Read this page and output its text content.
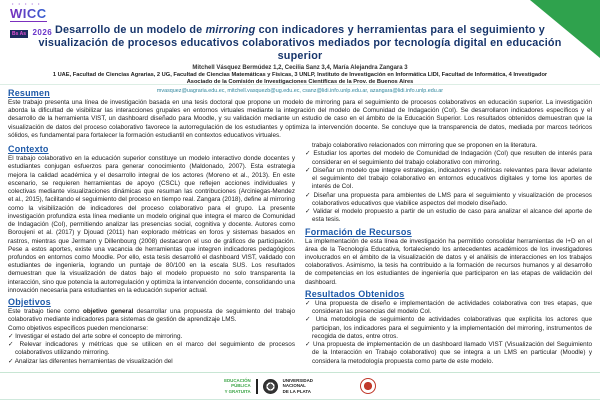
• • • • •
WICC
Bs As 2026 Desarrollo de un modelo de mirroring con indicadores y herramientas para el seguimiento y visualización de procesos educativos colaborativos mediados por tecnología digital en educación superior
Mitchell Vásquez Bermúdez 1,2, Cecilia Sanz 3,4, María Alejandra Zangara 3
1 UAE, Facultad de Ciencias Agrarias, 2 UG, Facultad de Ciencias Matemáticas y Físicas, 3 UNLP, Instituto de Investigación en Informática LIDI, Facultad de Informática, 4 Investigador Asociado de la Comisión de Investigaciones Científicas de la Prov. de Buenos Aires
mvasquez@uagraria.edu.ec, mitchell.vasquezb@ug.edu.ec, csanz@lidi.info.unlp.edu.ar, azangara@lidi.info.unlp.edu.ar
Resumen

Este trabajo presenta una línea de investigación basada en una tesis doctoral que propone un modelo de mirroring para el seguimiento de procesos colaborativos en educación superior. La investigación aborda la dificultad de visibilizar las interacciones grupales en entornos virtuales mediante la integración del modelo de Comunidad de Indagación (CoI). Se desarrollaron indicadores específicos y el desarrollo de la herramienta VIST, un dashboard diseñado para Moodle, y su validación mediante un estudio de caso en el ámbito de la Educación Superior. Los resultados obtenidos demuestran que la visualización de datos del proceso colaborativo favorece la autorregulación de los estudiantes y optimiza la intervención docente. Se concluye que la transparencia de datos, mediada por marcos teóricos sólidos, es fundamental para fortalecer la formación estudiantil en contextos educativos virtuales.

Contexto

El trabajo colaborativo en la educación superior constituye un modelo interactivo donde docentes y estudiantes conjugan esfuerzos para generar conocimiento (Maldonado, 2007). Esta estrategia mejora la calidad académica y el desarrollo integral de los actores (Moreno et al., 2013). En este escenario, se requieren herramientas de apoyo (CSCL) que reflejen acciones individuales y colectivas mediante visualizaciones dinámicas que resuman las contribuciones (Arciniegas-Mendez et al., 2015), facilitando el seguimiento del proceso en tiempo real. Zangara (2018), define al mirroring como la visibilización de indicadores del proceso colaborativo para el grupo. La presente investigación profundiza esta línea mediante un modelo original que integra el marco de Comunidad de Indagación (CoI), permitiendo analizar las presencias social, cognitiva y docente. Autores como Boroujeni et al. (2017) y Djouad (2011) han explorado métricas en foros y sistemas basados en rastros, mientras que Jermann y Dillenbourg (2008) destacaron el uso de gráficos de participación. Pese a estos aportes, existe una vacancia de herramientas que integren indicadores pedagógicos profundos en entornos como Moodle. Por ello, esta tesis desarrolló el dashboard VIST, validado con estudiantes de ingeniería, logrando un puntaje de 80/100 en la escala SUS. Los resultados demuestran que la visualización de datos bajo el modelo propuesto no solo transparenta la interacción, sino que potencia la autorregulación y optimiza la intervención docente, consolidando una innovación necesaria para estudiantes en la educación superior actual.

Objetivos

Este trabajo tiene como objetivo general desarrollar una propuesta de seguimiento del trabajo colaborativo mediante indicadores para sistemas de gestión de aprendizaje LMS.

Como objetivos específicos pueden mencionarse:

✓ Investigar el estado del arte sobre el concepto de mirroring.
✓ Relevar indicadores y métricas que se utilicen en el marco del seguimiento de procesos colaborativos utilizando mirroring.
✓ Analizar las diferentes herramientas de visualización del

trabajo colaborativo relacionados con mirroring que se proponen en la literatura.

✓ Estudiar los aportes del modelo de Comunidad de Indagación (CoI) que resulten de interés para considerar en el seguimiento del trabajo colaborativo con mirroring.
✓ Diseñar un modelo que integre estrategias, indicadores y métricas relevantes para llevar adelante el seguimiento del trabajo colaborativo en entornos educativos digitales y tome los aportes de interés de CoI.
✓ Diseñar una propuesta para ambientes de LMS para el seguimiento y visualización de procesos colaborativos educativos que viabilice aspectos del modelo diseñado.
✓ Validar el modelo propuesto a partir de un estudio de caso para analizar el alcance del aporte de esta tesis.
Formación de Recursos

La implementación de esta línea de investigación ha permitido consolidar herramientas de I+D en el área de la Tecnología Educativa, fortaleciendo los antecedentes académicos de los investigadores involucrados en el ámbito de la visualización de datos y el análisis de interacciones en los trabajos colaborativos. Asimismo, la tesis ha contribuido a la formación de recursos humanos y al desarrollo de competencias en los estudiantes de ingeniería que participaron en las etapas de validación del dashboard.

Resultados Obtenidos
✓ Una propuesta de diseño e implementación de actividades colaborativa con tres etapas, que consideran las presencias del modelo CoI.
✓ Una metodología de seguimiento de actividades colaborativas que explicita los actores que participan, los indicadores para el seguimiento y la implementación del mirroring, instrumentos de recogida de datos, entre otros.
✓ Una propuesta de implementación de un dashboard llamado VIST (Visualización del Seguimiento de la Interacción en Trabajo colaborativo) que se integra a un LMS en particular (Moodle) y considera la metodología propuesta como parte de este modelo.
EDUCACIÓN
PÚBLICA
Y GRATUITA
UNIVERSIDAD
NACIONAL
DE LA PLATA
